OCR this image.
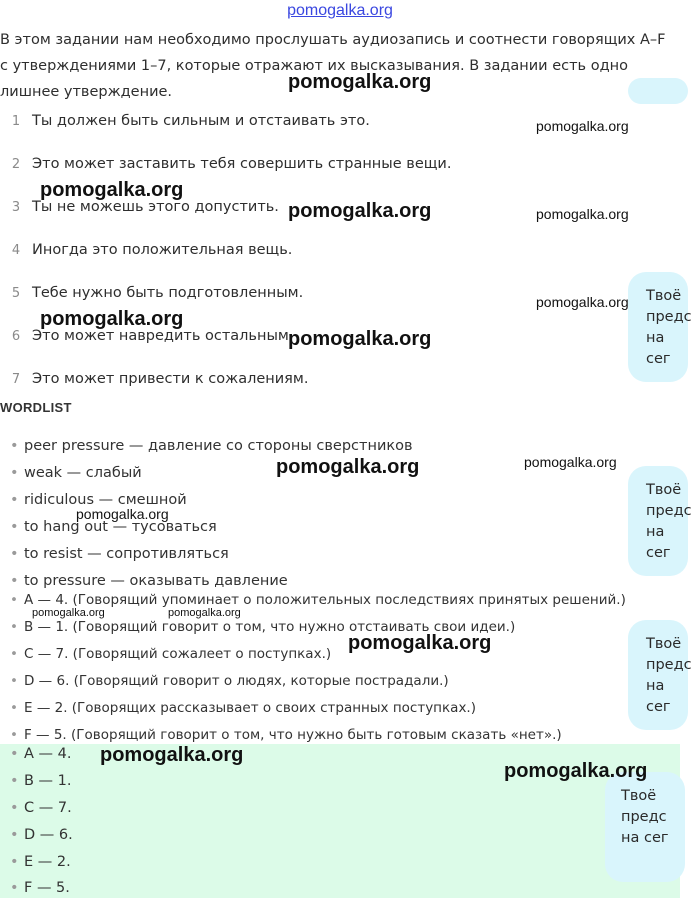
pomogalka.org
В этом задании нам необходимо прослушать аудиозапись и соотнести говорящих A–F с утверждениями 1–7, которые отражают их высказывания. В задании есть одно лишнее утверждение.
1 Ты должен быть сильным и отстаивать это.
2 Это может заставить тебя совершить странные вещи.
3 Ты не можешь этого допустить.
4 Иногда это положительная вещь.
5 Тебе нужно быть подготовленным.
6 Это может навредить остальным.
7 Это может привести к сожалениям.
WORDLIST
• peer pressure — давление со стороны сверстников
• weak — слабый
• ridiculous — смешной
• to hang out — тусоваться
• to resist — сопротивляться
• to pressure — оказывать давление
• A — 4. (Говорящий упоминает о положительных последствиях принятых решений.)
• B — 1. (Говорящий говорит о том, что нужно отстаивать свои идеи.)
• C — 7. (Говорящий сожалеет о поступках.)
• D — 6. (Говорящий говорит о людях, которые пострадали.)
• E — 2. (Говорящих рассказывает о своих странных поступках.)
• F — 5. (Говорящий говорит о том, что нужно быть готовым сказать «нет».)
• A — 4.
• B — 1.
• C — 7.
• D — 6.
• E — 2.
• F — 5.
Твоё
предс
на сег
Твоё
предс
на сег
Твоё
предс
на сег
Твоё
предс
на сег
pomogalka.org
pomogalka.org
pomogalka.org
pomogalka.org	pomogalka.org
pomogalka.org
pomogalka.org
pomogalka.org
pomogalka.org	pomogalka.org
pomogalka.org
pomogalka.org	pomogalka.org
pomogalka.org
pomogalka.org
pomogalka.org
